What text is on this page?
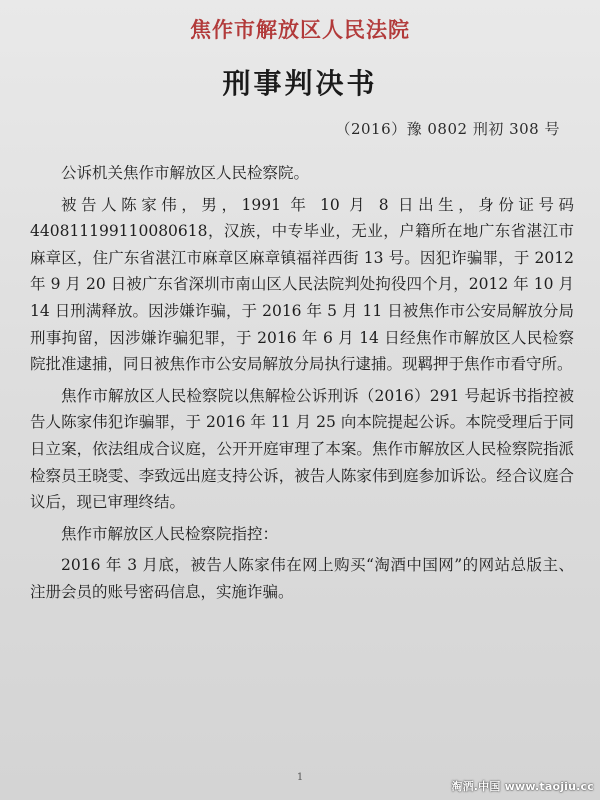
焦作市解放区人民法院
刑事判决书
（2016）豫 0802 刑初 308 号

公诉机关焦作市解放区人民检察院。

被告人陈家伟，男，1991 年 10 月 8 日出生，身份证号码 440811199110080618，汉族，中专毕业，无业，户籍所在地广东省湛江市麻章区，住广东省湛江市麻章区麻章镇福祥西街 13 号。因犯诈骗罪，于 2012 年 9 月 20 日被广东省深圳市南山区人民法院判处拘役四个月，2012 年 10 月 14 日刑满释放。因涉嫌诈骗，于 2016 年 5 月 11 日被焦作市公安局解放分局刑事拘留，因涉嫌诈骗犯罪，于 2016 年 6 月 14 日经焦作市解放区人民检察院批准逮捕，同日被焦作市公安局解放分局执行逮捕。现羁押于焦作市看守所。

焦作市解放区人民检察院以焦解检公诉刑诉（2016）291 号起诉书指控被告人陈家伟犯诈骗罪，于 2016 年 11 月 25 向本院提起公诉。本院受理后于同日立案，依法组成合议庭，公开开庭审理了本案。焦作市解放区人民检察院指派检察员王晓雯、李致远出庭支持公诉，被告人陈家伟到庭参加诉讼。经合议庭合议后，现已审理终结。

焦作市解放区人民检察院指控：

2016 年 3 月底，被告人陈家伟在网上购买“淘酒中国网”的网站总版主、注册会员的账号密码信息，实施诈骗。

1
淘酒.中国 www.taojiu.cc
